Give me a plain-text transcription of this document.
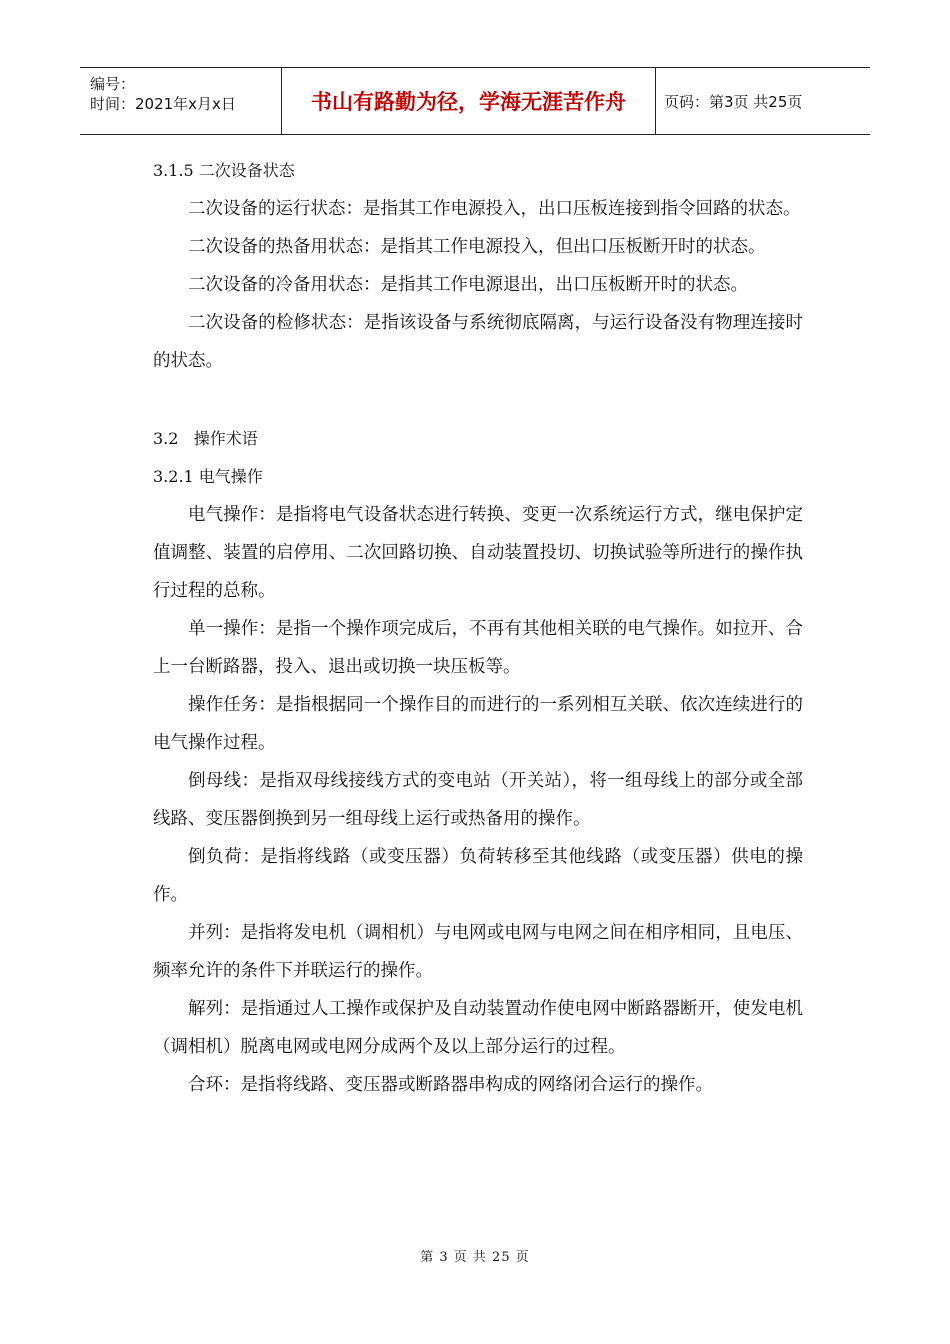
编号：
时间：2021年x月x日	书山有路勤为径，学海无涯苦作舟	页码：第3页 共25页
3.1.5 二次设备状态

二次设备的运行状态：是指其工作电源投入，出口压板连接到指令回路的状态。

二次设备的热备用状态：是指其工作电源投入，但出口压板断开时的状态。

二次设备的冷备用状态：是指其工作电源退出，出口压板断开时的状态。

二次设备的检修状态：是指该设备与系统彻底隔离，与运行设备没有物理连接时的状态。

3.2   操作术语
3.2.1 电气操作

电气操作：是指将电气设备状态进行转换、变更一次系统运行方式，继电保护定值调整、装置的启停用、二次回路切换、自动装置投切、切换试验等所进行的操作执行过程的总称。

单一操作：是指一个操作项完成后，不再有其他相关联的电气操作。如拉开、合上一台断路器，投入、退出或切换一块压板等。

操作任务：是指根据同一个操作目的而进行的一系列相互关联、依次连续进行的电气操作过程。

倒母线：是指双母线接线方式的变电站（开关站），将一组母线上的部分或全部线路、变压器倒换到另一组母线上运行或热备用的操作。

倒负荷：是指将线路（或变压器）负荷转移至其他线路（或变压器）供电的操作。

并列：是指将发电机（调相机）与电网或电网与电网之间在相序相同，且电压、频率允许的条件下并联运行的操作。

解列：是指通过人工操作或保护及自动装置动作使电网中断路器断开，使发电机（调相机）脱离电网或电网分成两个及以上部分运行的过程。

合环：是指将线路、变压器或断路器串构成的网络闭合运行的操作。

第 3 页 共 25 页
